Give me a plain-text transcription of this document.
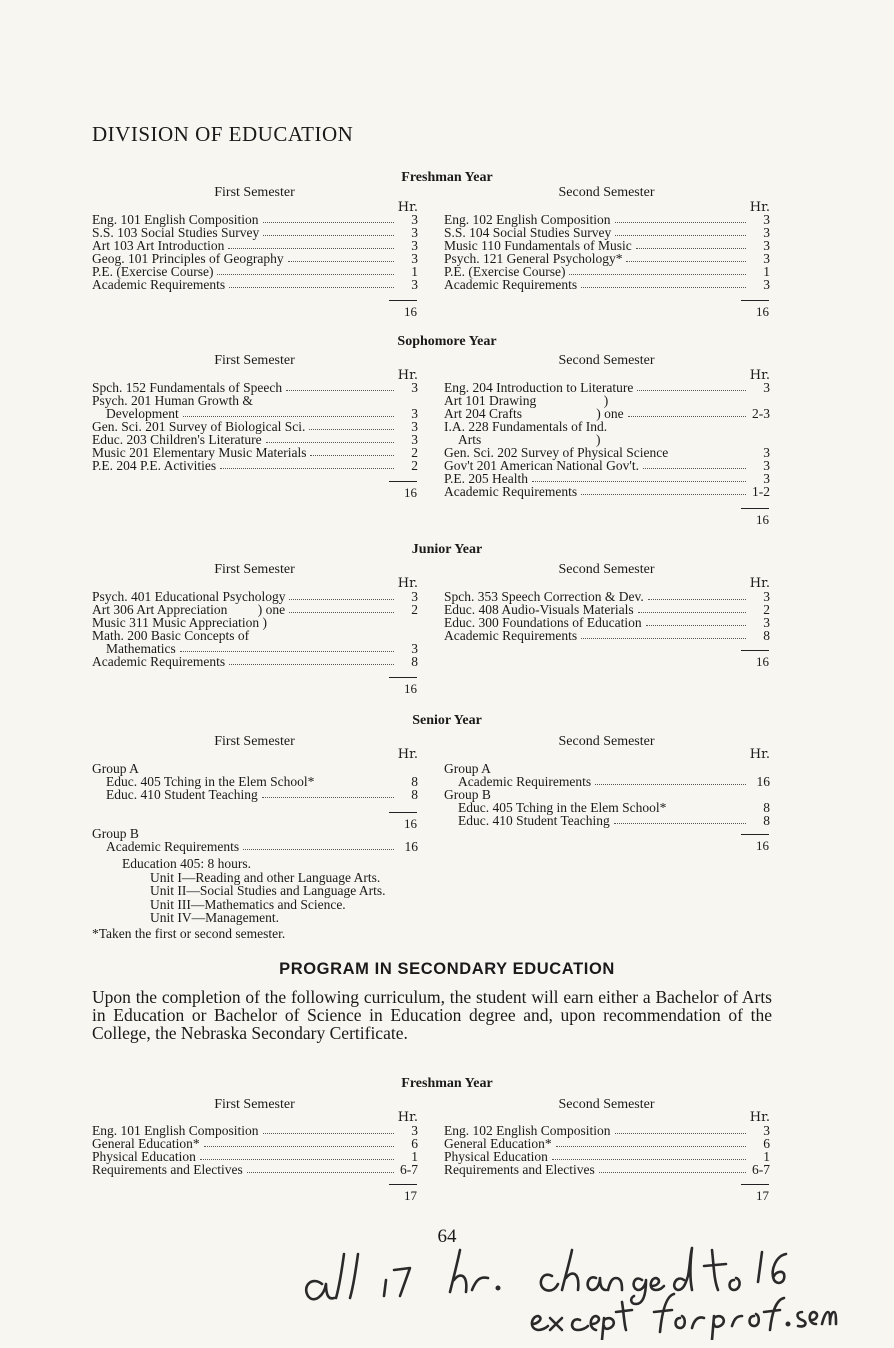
DIVISION OF EDUCATION
Freshman Year
First Semester	Second Semester
Hr.	Hr.
Eng. 101 English Composition	3
S.S. 103 Social Studies Survey	3
Art 103 Art Introduction	3
Geog. 101 Principles of Geography	3
P.E. (Exercise Course)	1
Academic Requirements	3
16
Eng. 102 English Composition	3
S.S. 104 Social Studies Survey	3
Music 110 Fundamentals of Music	3
Psych. 121 General Psychology*	3
P.E. (Exercise Course)	1
Academic Requirements	3
16
Sophomore Year
First Semester	Second Semester
Hr.	Hr.
Spch. 152 Fundamentals of Speech	3
Psych. 201 Human Growth &
Development	3
Gen. Sci. 201 Survey of Biological Sci.	3
Educ. 203 Children's Literature	3
Music 201 Elementary Music Materials	2
P.E. 204 P.E. Activities	2
16
Eng. 204 Introduction to Literature	3
Art 101 Drawing                    )
Art 204 Crafts                      ) one	2-3
I.A. 228 Fundamentals of Ind.
Arts                                  )
Gen. Sci. 202 Survey of Physical Science	3
Gov't 201 American National Gov't.	3
P.E. 205 Health	3
Academic Requirements	1-2
16
Junior Year
First Semester	Second Semester
Hr.	Hr.
Psych. 401 Educational Psychology	3
Art 306 Art Appreciation         ) one	2
Music 311 Music Appreciation )
Math. 200 Basic Concepts of
Mathematics	3
Academic Requirements	8
16
Spch. 353 Speech Correction & Dev.	3
Educ. 408 Audio-Visuals Materials	2
Educ. 300 Foundations of Education	3
Academic Requirements	8
16
Senior Year
First Semester	Second Semester
Hr.	Hr.
Group A
Educ. 405 Tching in the Elem School*	8
Educ. 410 Student Teaching	8
16
Group B
Academic Requirements	16
Group A
Academic Requirements	16
Group B
Educ. 405 Tching in the Elem School*	8
Educ. 410 Student Teaching	8
16
Education 405: 8 hours.
Unit I—Reading and other Language Arts.
Unit II—Social Studies and Language Arts.
Unit III—Mathematics and Science.
Unit IV—Management.
*Taken the first or second semester.
PROGRAM IN SECONDARY EDUCATION
Upon the completion of the following curriculum, the student will earn either a Bachelor of Arts in Education or Bachelor of Science in Education degree and, upon recommendation of the College, the Nebraska Secondary Certificate.
Freshman Year
First Semester	Second Semester
Hr.	Hr.
Eng. 101 English Composition	3
General Education*	6
Physical Education	1
Requirements and Electives	6-7
17
Eng. 102 English Composition	3
General Education*	6
Physical Education	1
Requirements and Electives	6-7
17
64
